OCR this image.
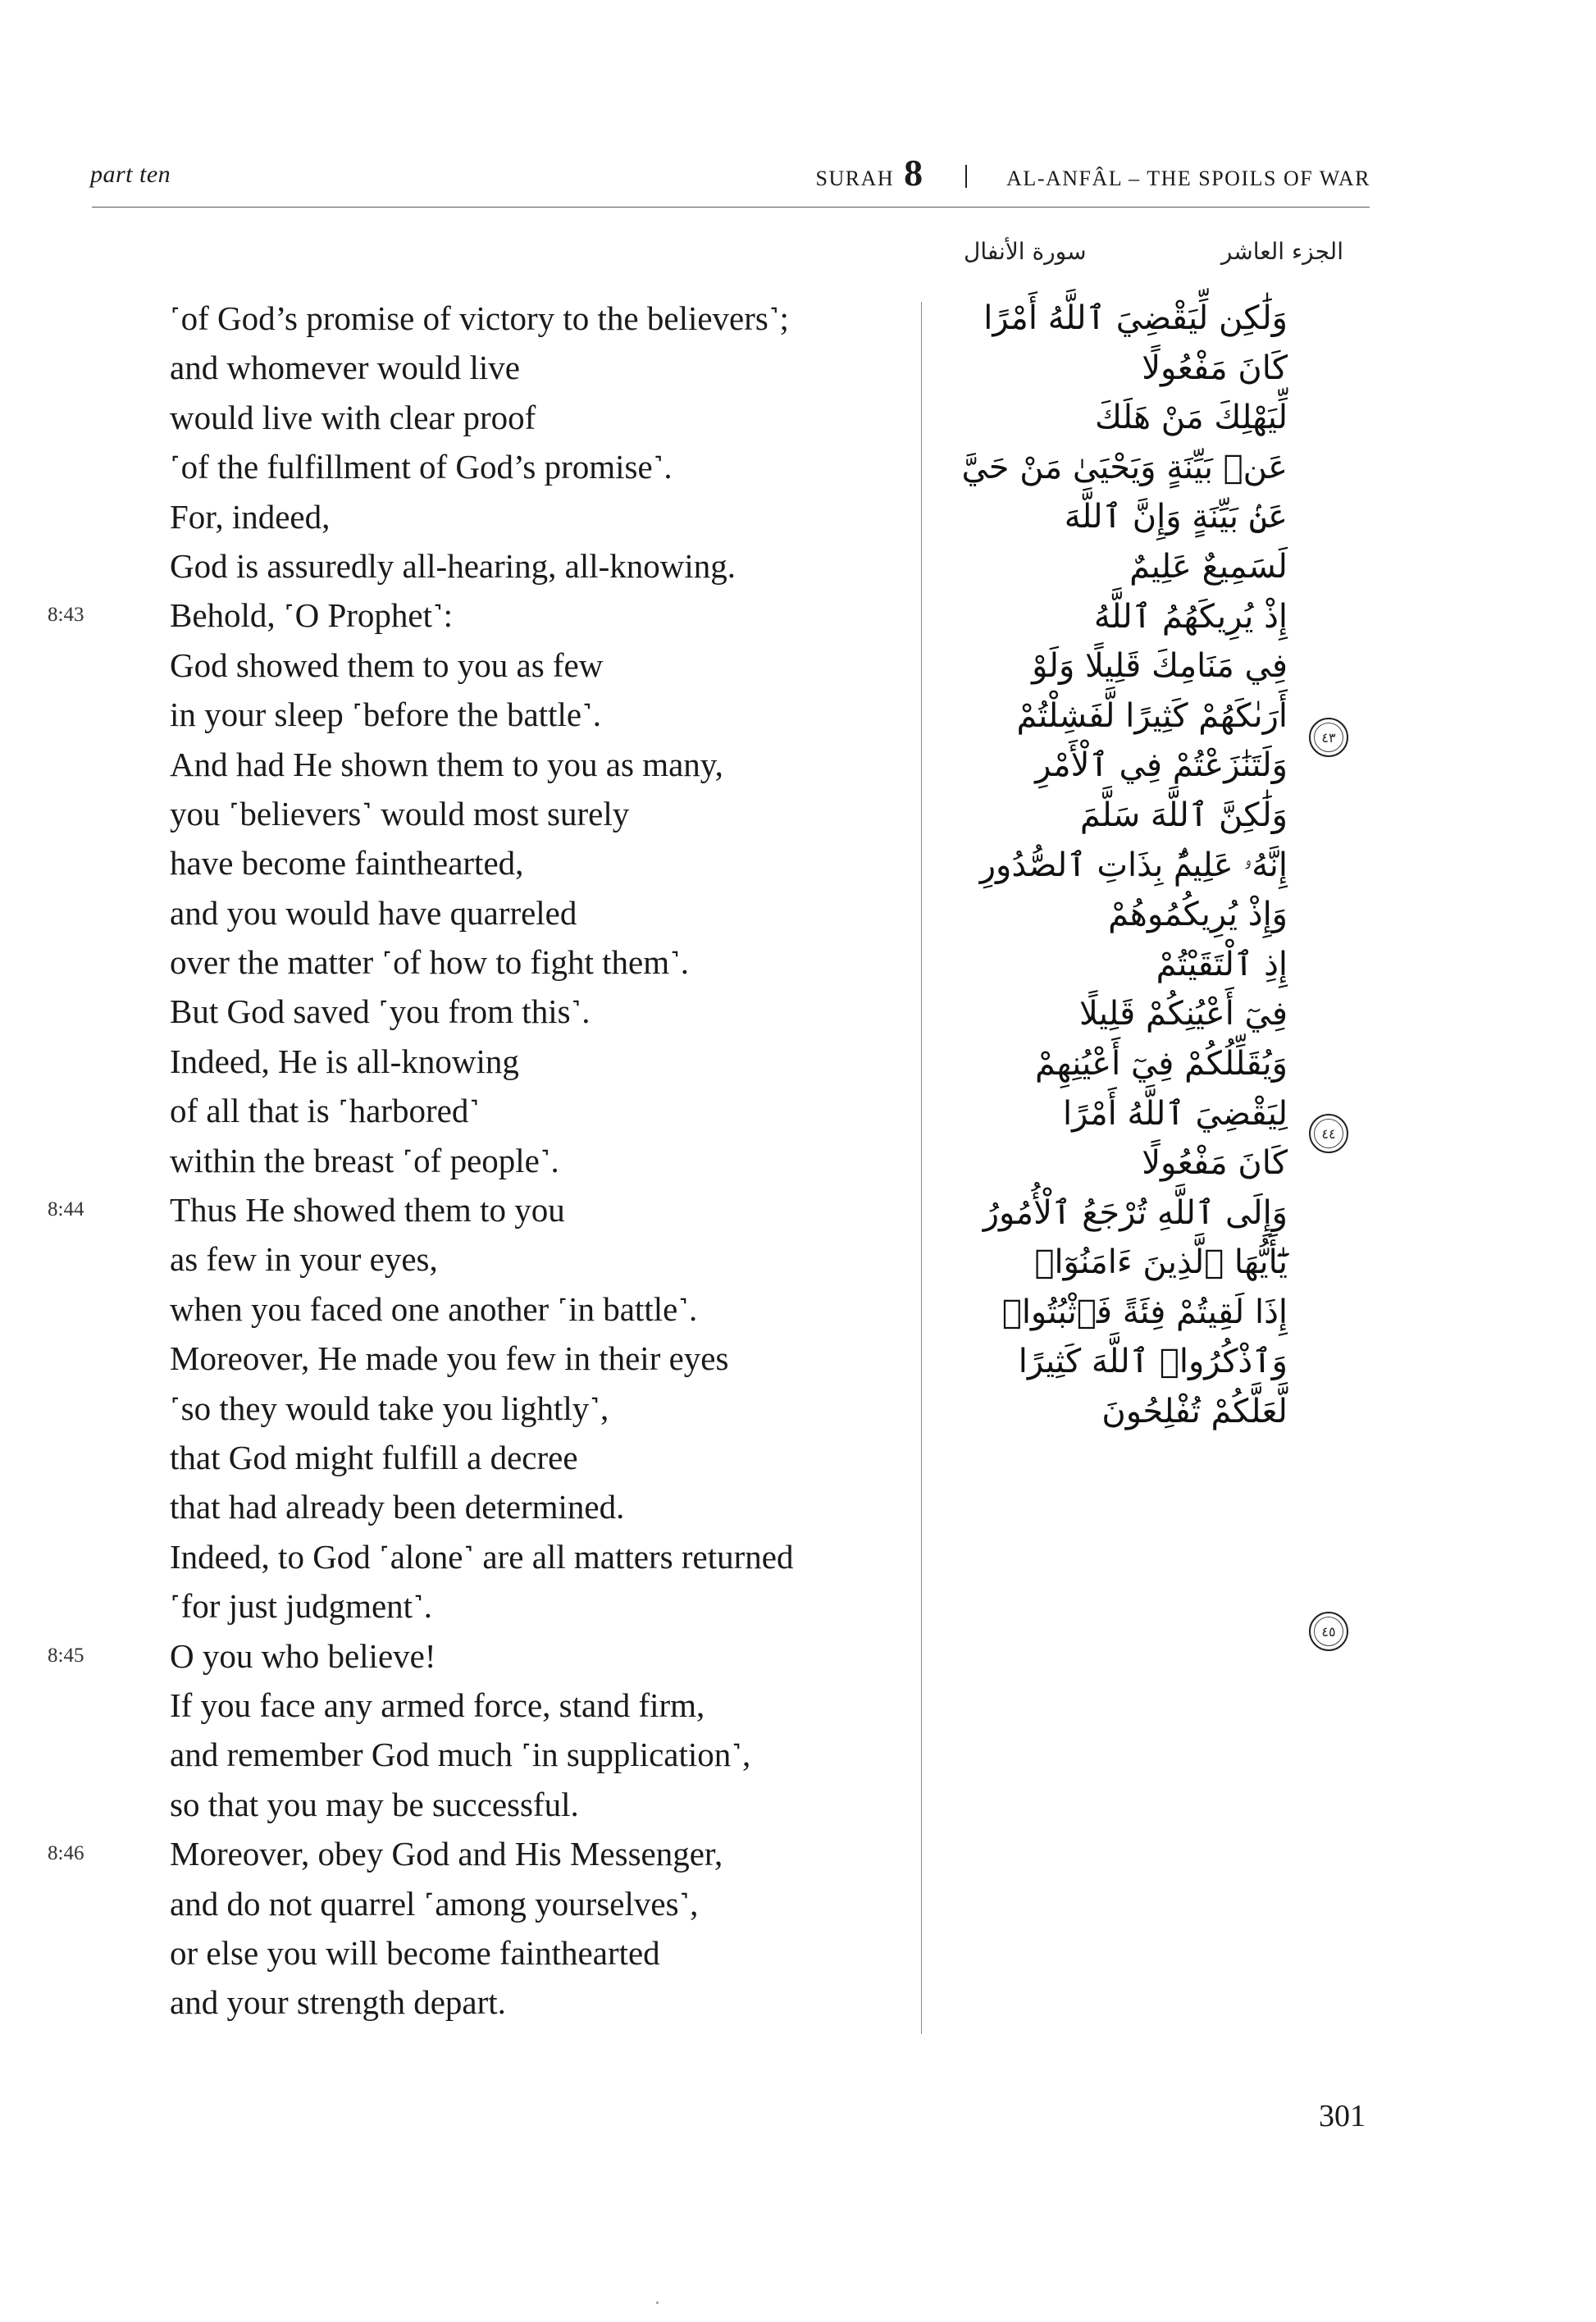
part ten	SURAH 8	AL-ANFÂL – THE SPOILS OF WAR
الجزء العاشر
سورة الأنفال
˹of God’s promise of victory to the believers˺;
and whomever would live
would live with clear proof
˹of the fulfillment of God’s promise˺.
For, indeed,
God is assuredly all-hearing, all-knowing.
8:43	Behold, ˹O Prophet˺:
God showed them to you as few
in your sleep ˹before the battle˺.
And had He shown them to you as many,
you ˹believers˺ would most surely
have become fainthearted,
and you would have quarreled
over the matter ˹of how to fight them˺.
But God saved ˹you from this˺.
Indeed, He is all-knowing
of all that is ˹harbored˺
within the breast ˹of people˺.
8:44	Thus He showed them to you
as few in your eyes,
when you faced one another ˹in battle˺.
Moreover, He made you few in their eyes
˹so they would take you lightly˺,
that God might fulfill a decree
that had already been determined.
Indeed, to God ˹alone˺ are all matters returned
˹for just judgment˺.
8:45	O you who believe!
If you face any armed force, stand firm,
and remember God much ˹in supplication˺,
so that you may be successful.
8:46	Moreover, obey God and His Messenger,
and do not quarrel ˹among yourselves˺,
or else you will become fainthearted
and your strength depart.
وَلَٰكِن لِّيَقْضِيَ ٱللَّهُ أَمْرًا
كَانَ مَفْعُولًا
لِّيَهْلِكَ مَنْ هَلَكَ
عَنۢ بَيِّنَةٍ وَيَحْيَىٰ مَنْ حَيَّ
عَنۢ بَيِّنَةٍ وَإِنَّ ٱللَّهَ
لَسَمِيعٌ عَلِيمٌ
إِذْ يُرِيكَهُمُ ٱللَّهُ
فِي مَنَامِكَ قَلِيلًا وَلَوْ
أَرَىٰكَهُمْ كَثِيرًا لَّفَشِلْتُمْ
وَلَتَنَٰزَعْتُمْ فِي ٱلْأَمْرِ
وَلَٰكِنَّ ٱللَّهَ سَلَّمَ
إِنَّهُۥ عَلِيمٌۢ بِذَاتِ ٱلصُّدُورِ
وَإِذْ يُرِيكُمُوهُمْ
إِذِ ٱلْتَقَيْتُمْ
فِيٓ أَعْيُنِكُمْ قَلِيلًا
وَيُقَلِّلُكُمْ فِيٓ أَعْيُنِهِمْ
لِيَقْضِيَ ٱللَّهُ أَمْرًا
كَانَ مَفْعُولًا
وَإِلَى ٱللَّهِ تُرْجَعُ ٱلْأُمُورُ
يَٰٓأَيُّهَا ٱلَّذِينَ ءَامَنُوٓا۟
إِذَا لَقِيتُمْ فِئَةً فَٱثْبُتُوا۟
وَٱذْكُرُوا۟ ٱللَّهَ كَثِيرًا
لَّعَلَّكُمْ تُفْلِحُونَ
٤٣
٤٤
٤٥
301
